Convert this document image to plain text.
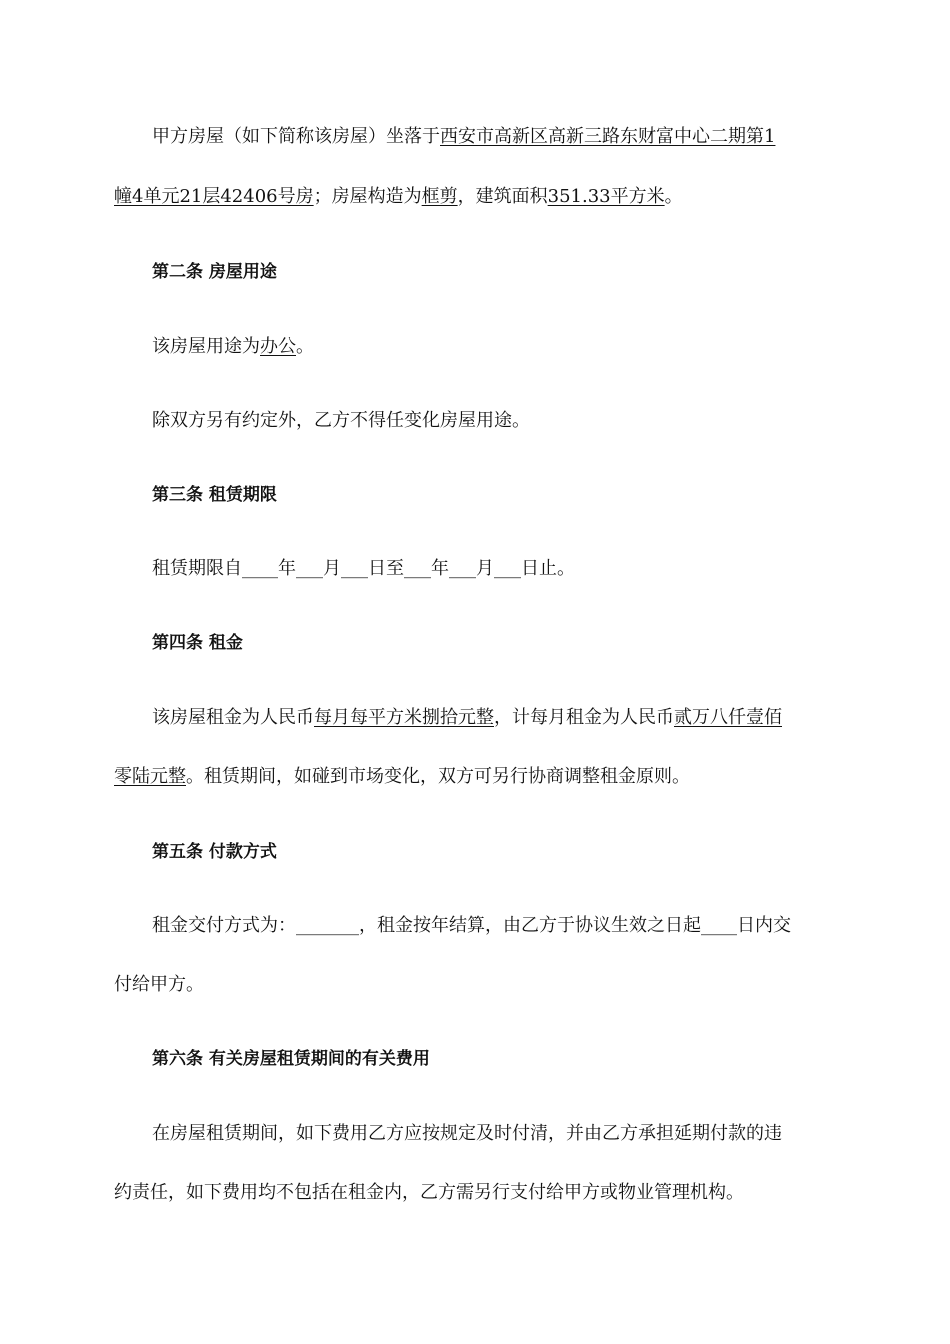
甲方房屋（如下简称该房屋）坐落于西安市高新区高新三路东财富中心二期第1
幢4单元21层42406号房；房屋构造为框剪，建筑面积351.33平方米。
第二条 房屋用途
该房屋用途为办公。
除双方另有约定外，乙方不得任变化房屋用途。
第三条 租赁期限
租赁期限自____年___月___日至___年___月___日止。
第四条 租金
该房屋租金为人民币每月每平方米捌拾元整，计每月租金为人民币贰万八仟壹佰
零陆元整。租赁期间，如碰到市场变化，双方可另行协商调整租金原则。
第五条 付款方式
租金交付方式为：_______，租金按年结算，由乙方于协议生效之日起____日内交
付给甲方。
第六条 有关房屋租赁期间的有关费用
在房屋租赁期间，如下费用乙方应按规定及时付清，并由乙方承担延期付款的违
约责任，如下费用均不包括在租金内，乙方需另行支付给甲方或物业管理机构。
